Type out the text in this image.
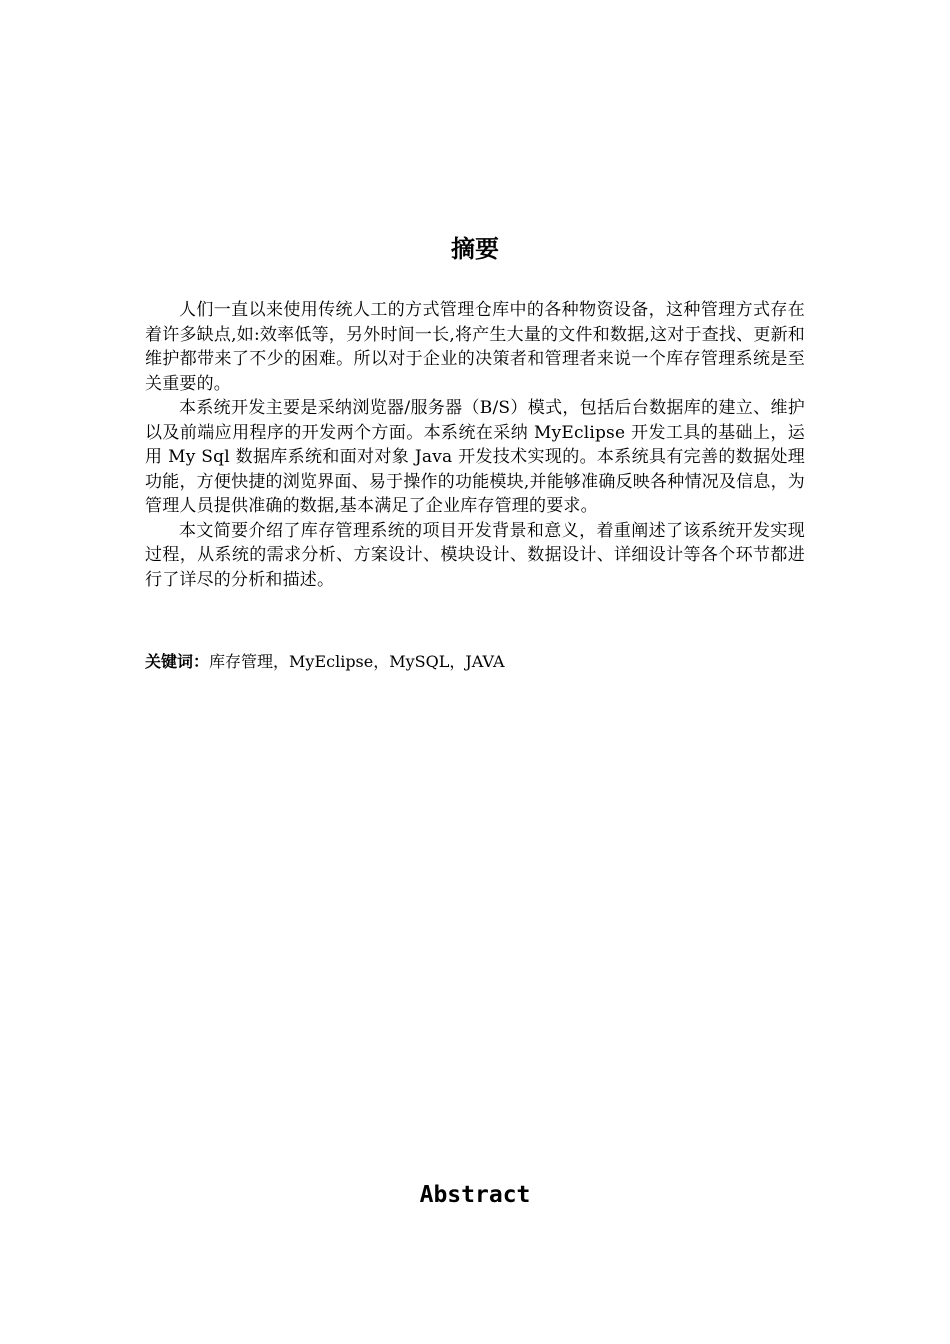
摘要

人们一直以来使用传统人工的方式管理仓库中的各种物资设备，这种管理方式存在着许多缺点,如:效率低等，另外时间一长,将产生大量的文件和数据,这对于查找、更新和维护都带来了不少的困难。所以对于企业的决策者和管理者来说一个库存管理系统是至关重要的。

本系统开发主要是采纳浏览器/服务器（B/S）模式，包括后台数据库的建立、维护以及前端应用程序的开发两个方面。本系统在采纳 MyEclipse 开发工具的基础上，运用 My Sql 数据库系统和面对对象 Java 开发技术实现的。本系统具有完善的数据处理功能，方便快捷的浏览界面、易于操作的功能模块,并能够准确反映各种情况及信息，为管理人员提供准确的数据,基本满足了企业库存管理的要求。

本文简要介绍了库存管理系统的项目开发背景和意义，着重阐述了该系统开发实现过程，从系统的需求分析、方案设计、模块设计、数据设计、详细设计等各个环节都进行了详尽的分析和描述。

关键词：库存管理，MyEclipse，MySQL，JAVA

Abstract
